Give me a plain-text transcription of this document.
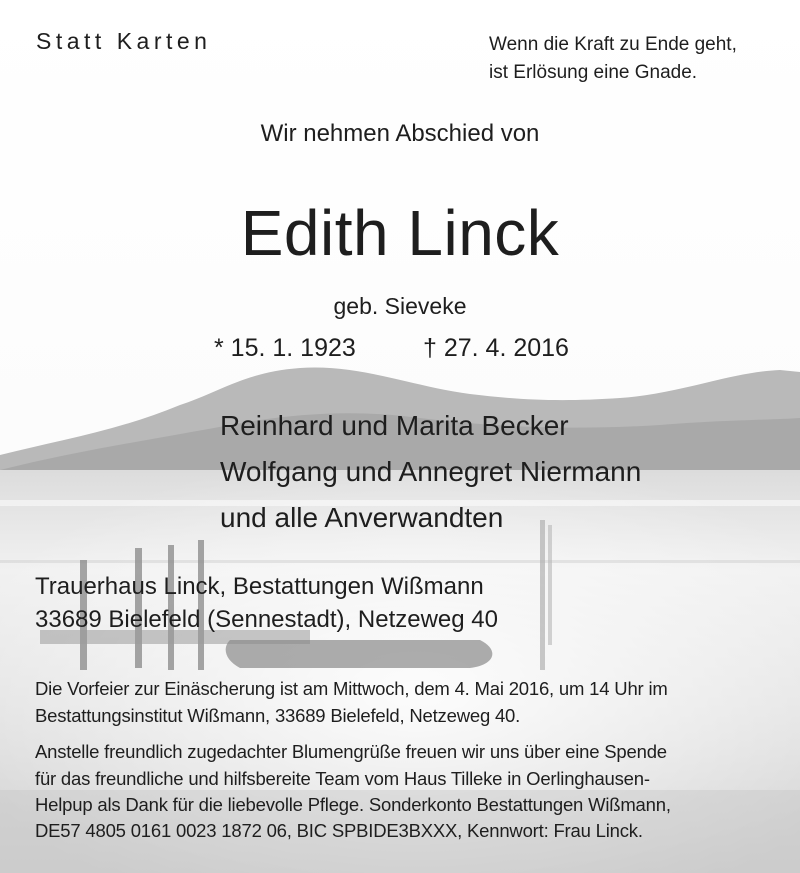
Statt Karten	Wenn die Kraft zu Ende geht,
ist Erlösung eine Gnade.
Wir nehmen Abschied von
Edith Linck
geb. Sieveke
* 15. 1. 1923	† 27. 4. 2016
Reinhard und Marita Becker
Wolfgang und Annegret Niermann
und alle Anverwandten
Trauerhaus Linck, Bestattungen Wißmann
33689 Bielefeld (Sennestadt), Netzeweg 40
Die Vorfeier zur Einäscherung ist am Mittwoch, dem 4. Mai 2016, um 14 Uhr im
Bestattungsinstitut Wißmann, 33689 Bielefeld, Netzeweg 40.
Anstelle freundlich zugedachter Blumengrüße freuen wir uns über eine Spende
für das freundliche und hilfsbereite Team vom Haus Tilleke in Oerlinghausen-
Helpup als Dank für die liebevolle Pflege. Sonderkonto Bestattungen Wißmann,
DE57 4805 0161 0023 1872 06, BIC SPBIDE3BXXX, Kennwort: Frau Linck.
